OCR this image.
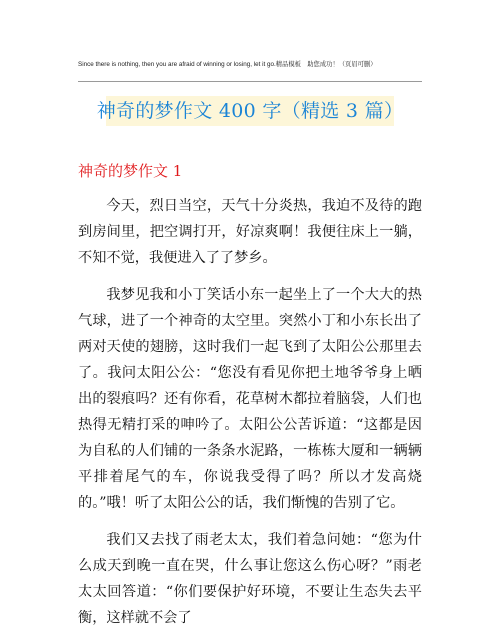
Since there is nothing, then you are afraid of winning or losing, let it go.精品模板　助您成功！（页眉可删）
神奇的梦作文 400 字（精选 3 篇）
神奇的梦作文 1

今天，烈日当空，天气十分炎热，我迫不及待的跑到房间里，把空调打开，好凉爽啊！我便往床上一躺，不知不觉，我便进入了了梦乡。

我梦见我和小丁笑话小东一起坐上了一个大大的热气球，进了一个神奇的太空里。突然小丁和小东长出了两对天使的翅膀，这时我们一起飞到了太阳公公那里去了。我问太阳公公：“您没有看见你把土地爷爷身上晒出的裂痕吗？还有你看，花草树木都拉着脑袋，人们也热得无精打采的呻吟了。太阳公公苦诉道：“这都是因为自私的人们铺的一条条水泥路，一栋栋大厦和一辆辆平排着尾气的车，你说我受得了吗？所以才发高烧的。”哦！听了太阳公公的话，我们惭愧的告别了它。

我们又去找了雨老太太，我们着急问她：“您为什么成天到晚一直在哭，什么事让您这么伤心呀？”雨老太太回答道：“你们要保护好环境，不要让生态失去平衡，这样就不会了
